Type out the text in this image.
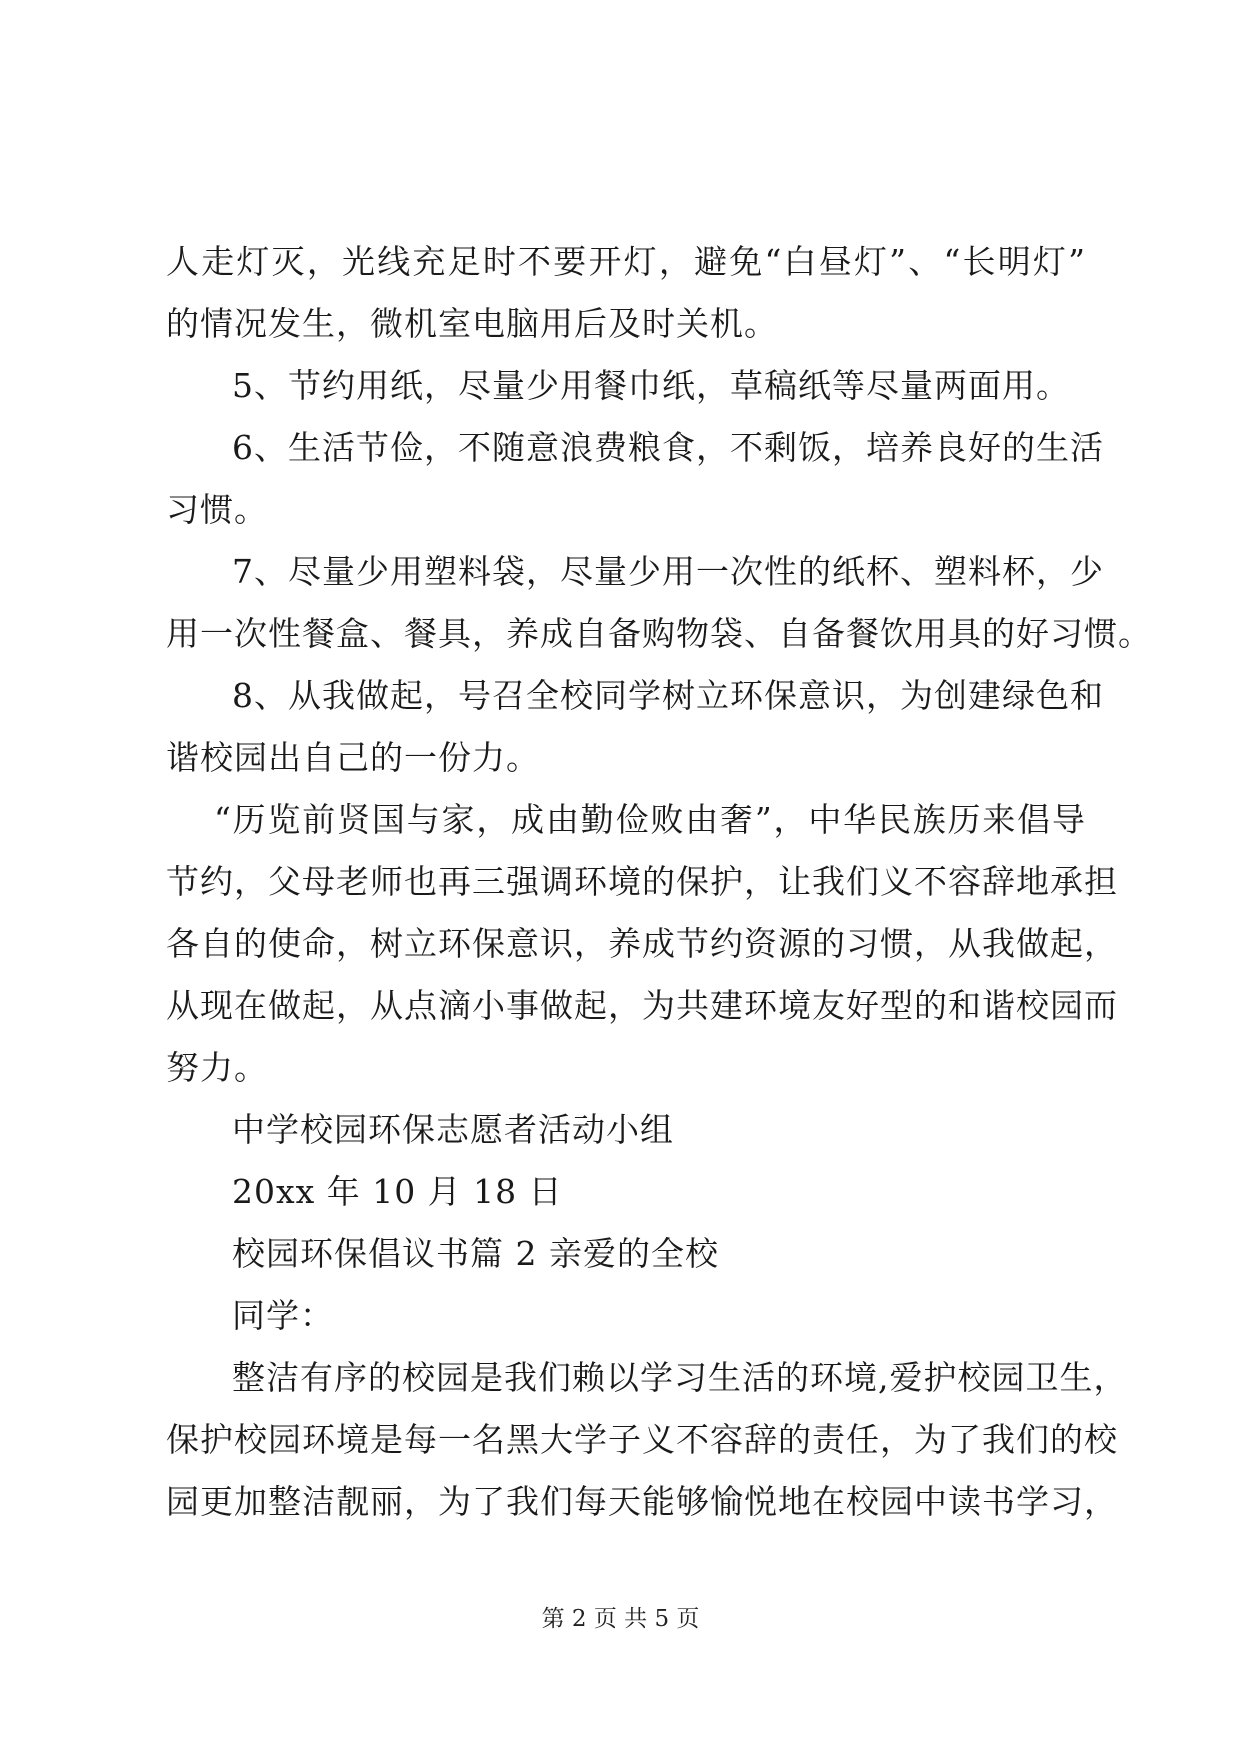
人走灯灭，光线充足时不要开灯，避免“白昼灯”、“长明灯”
的情况发生，微机室电脑用后及时关机。
5、节约用纸，尽量少用餐巾纸，草稿纸等尽量两面用。
6、生活节俭，不随意浪费粮食，不剩饭，培养良好的生活
习惯。
7、尽量少用塑料袋，尽量少用一次性的纸杯、塑料杯，少
用一次性餐盒、餐具，养成自备购物袋、自备餐饮用具的好习惯。
8、从我做起，号召全校同学树立环保意识，为创建绿色和
谐校园出自己的一份力。
“历览前贤国与家，成由勤俭败由奢”，中华民族历来倡导
节约，父母老师也再三强调环境的保护，让我们义不容辞地承担
各自的使命，树立环保意识，养成节约资源的习惯，从我做起，
从现在做起，从点滴小事做起，为共建环境友好型的和谐校园而
努力。
中学校园环保志愿者活动小组
20xx 年 10 月 18 日
校园环保倡议书篇 2 亲爱的全校
同学：
整洁有序的校园是我们赖以学习生活的环境,爱护校园卫生，
保护校园环境是每一名黑大学子义不容辞的责任，为了我们的校
园更加整洁靓丽，为了我们每天能够愉悦地在校园中读书学习，
第 2 页 共 5 页
